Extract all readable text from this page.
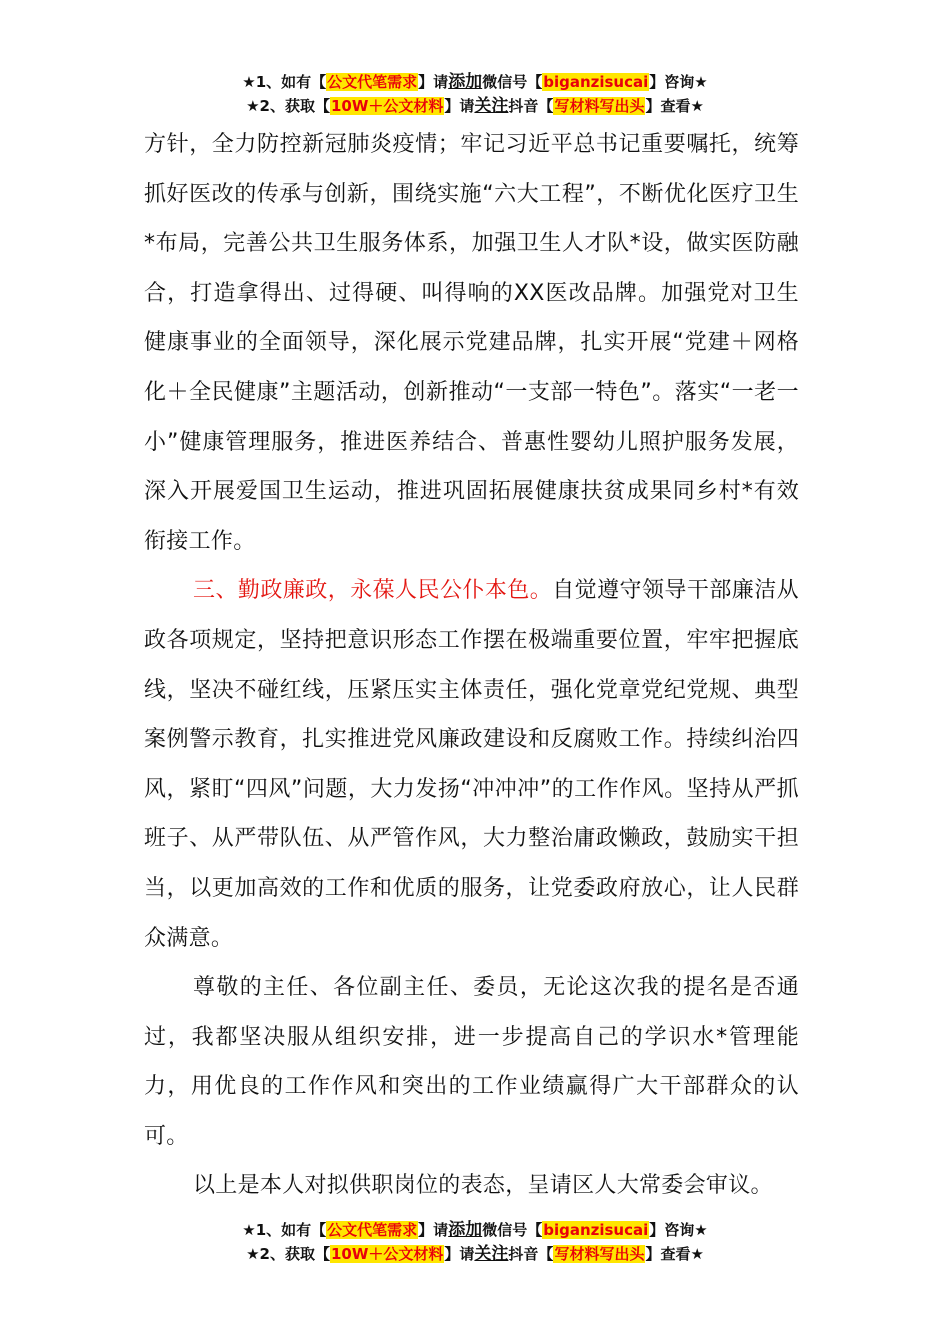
★1、如有【公文代笔需求】请添加微信号【biganzisucai】咨询★
★2、获取【10W＋公文材料】请关注抖音【写材料写出头】查看★

方针，全力防控新冠肺炎疫情；牢记习近平总书记重要嘱托，统筹抓好医改的传承与创新，围绕实施“六大工程”，不断优化医疗卫生*布局，完善公共卫生服务体系，加强卫生人才队*设，做实医防融合，打造拿得出、过得硬、叫得响的XX医改品牌。加强党对卫生健康事业的全面领导，深化展示党建品牌，扎实开展“党建＋网格化＋全民健康”主题活动，创新推动“一支部一特色”。落实“一老一小”健康管理服务，推进医养结合、普惠性婴幼儿照护服务发展，深入开展爱国卫生运动，推进巩固拓展健康扶贫成果同乡村*有效衔接工作。

三、勤政廉政，永葆人民公仆本色。自觉遵守领导干部廉洁从政各项规定，坚持把意识形态工作摆在极端重要位置，牢牢把握底线，坚决不碰红线，压紧压实主体责任，强化党章党纪党规、典型案例警示教育，扎实推进党风廉政建设和反腐败工作。持续纠治四风，紧盯“四风”问题，大力发扬“冲冲冲”的工作作风。坚持从严抓班子、从严带队伍、从严管作风，大力整治庸政懒政，鼓励实干担当，以更加高效的工作和优质的服务，让党委政府放心，让人民群众满意。

尊敬的主任、各位副主任、委员，无论这次我的提名是否通过，我都坚决服从组织安排，进一步提高自己的学识水*管理能力，用优良的工作作风和突出的工作业绩赢得广大干部群众的认可。

以上是本人对拟供职岗位的表态，呈请区人大常委会审议。

★1、如有【公文代笔需求】请添加微信号【biganzisucai】咨询★
★2、获取【10W＋公文材料】请关注抖音【写材料写出头】查看★
